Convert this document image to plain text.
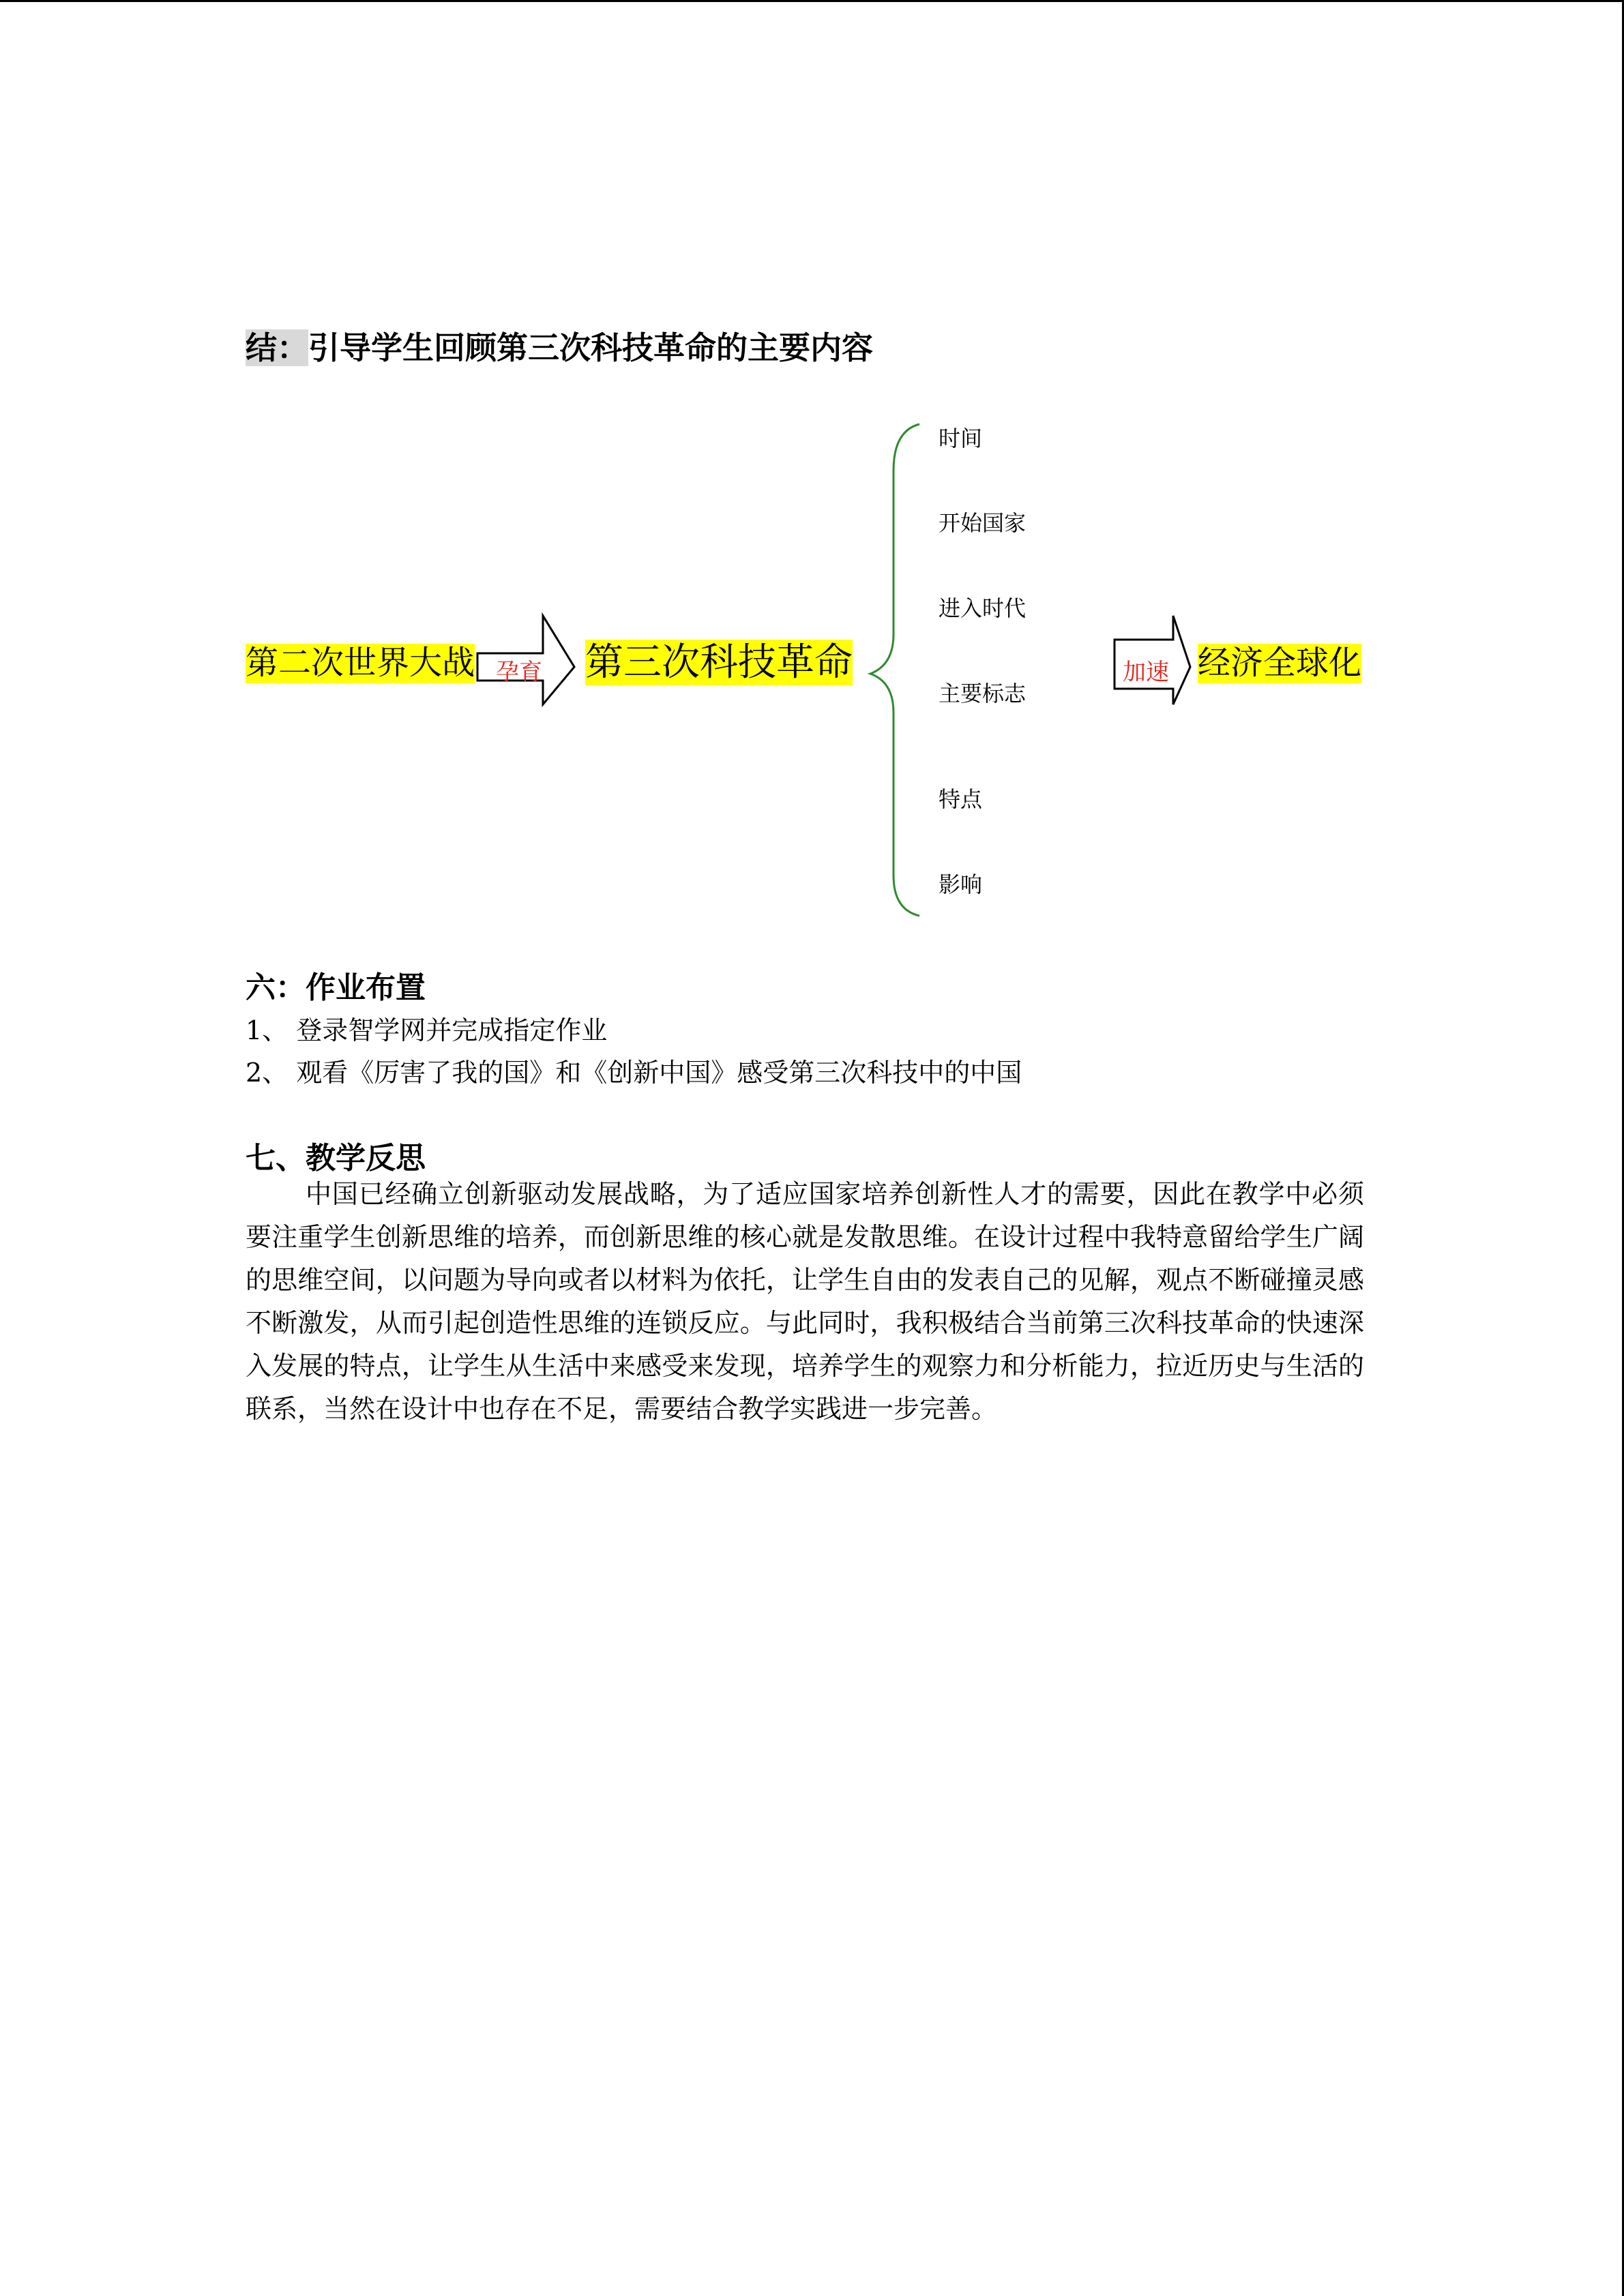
结：引导学生回顾第三次科技革命的主要内容
第二次世界大战 孕育 第三次科技革命	加速 经济全球化
时间
开始国家
进入时代
主要标志
特点
影响
六：作业布置
1、 登录智学网并完成指定作业
2、 观看《厉害了我的国》和《创新中国》感受第三次科技中的中国
七、教学反思
中国已经确立创新驱动发展战略，为了适应国家培养创新性人才的需要，因此在教学中必须要注重学生创新思维的培养，而创新思维的核心就是发散思维。在设计过程中我特意留给学生广阔的思维空间，以问题为导向或者以材料为依托，让学生自由的发表自己的见解，观点不断碰撞灵感不断激发，从而引起创造性思维的连锁反应。与此同时，我积极结合当前第三次科技革命的快速深入发展的特点，让学生从生活中来感受来发现，培养学生的观察力和分析能力，拉近历史与生活的联系，当然在设计中也存在不足，需要结合教学实践进一步完善。
